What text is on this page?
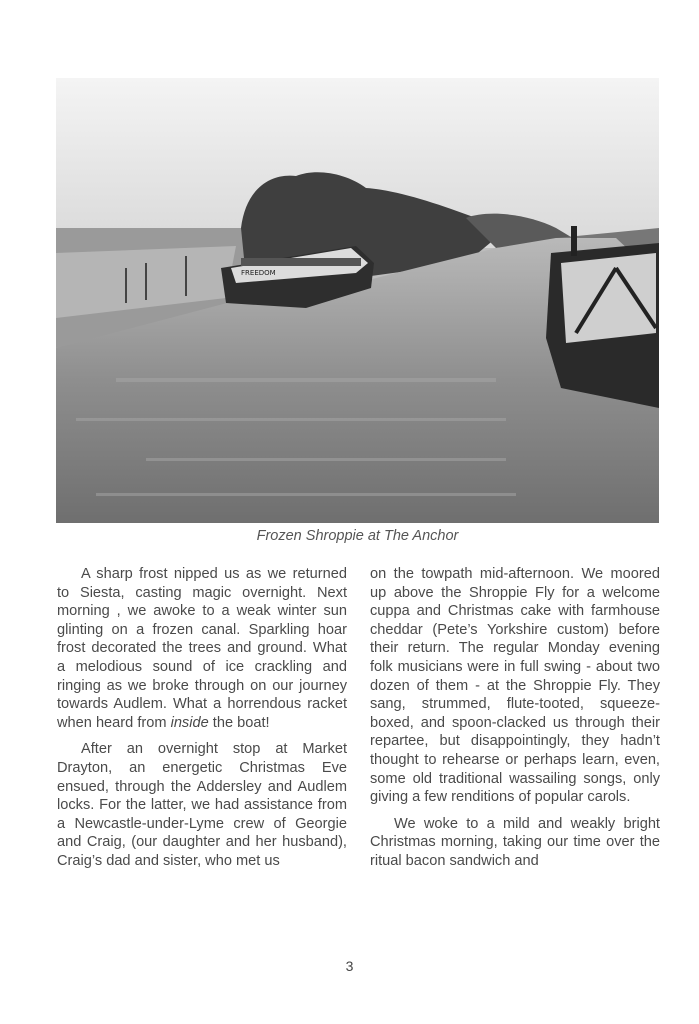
FREEDOM
Frozen Shroppie at The Anchor

A sharp frost nipped us as we returned to Siesta, casting magic overnight. Next morning , we awoke to a weak winter sun glinting on a frozen canal. Sparkling hoar frost decorated the trees and ground. What a melodious sound of ice crackling and ringing as we broke through on our journey towards Audlem. What a horrendous racket when heard from inside the boat!

After an overnight stop at Market Drayton, an energetic Christmas Eve ensued, through the Addersley and Audlem locks. For the latter, we had assistance from a Newcastle-under-Lyme crew of Georgie and Craig, (our daughter and her husband), Craig’s dad and sister, who met us

on the towpath mid-afternoon. We moored up above the Shroppie Fly for a welcome cuppa and Christmas cake with farmhouse cheddar (Pete’s Yorkshire custom) before their return. The regular Monday evening folk musicians were in full swing - about two dozen of them - at the Shroppie Fly. They sang, strummed, flute-tooted, squeeze-boxed, and spoon-clacked us through their repartee, but disappointingly, they hadn’t thought to rehearse or perhaps learn, even, some old traditional wassailing songs, only giving a few renditions of popular carols.

We woke to a mild and weakly bright Christmas morning, taking our time over the ritual bacon sandwich and

3
